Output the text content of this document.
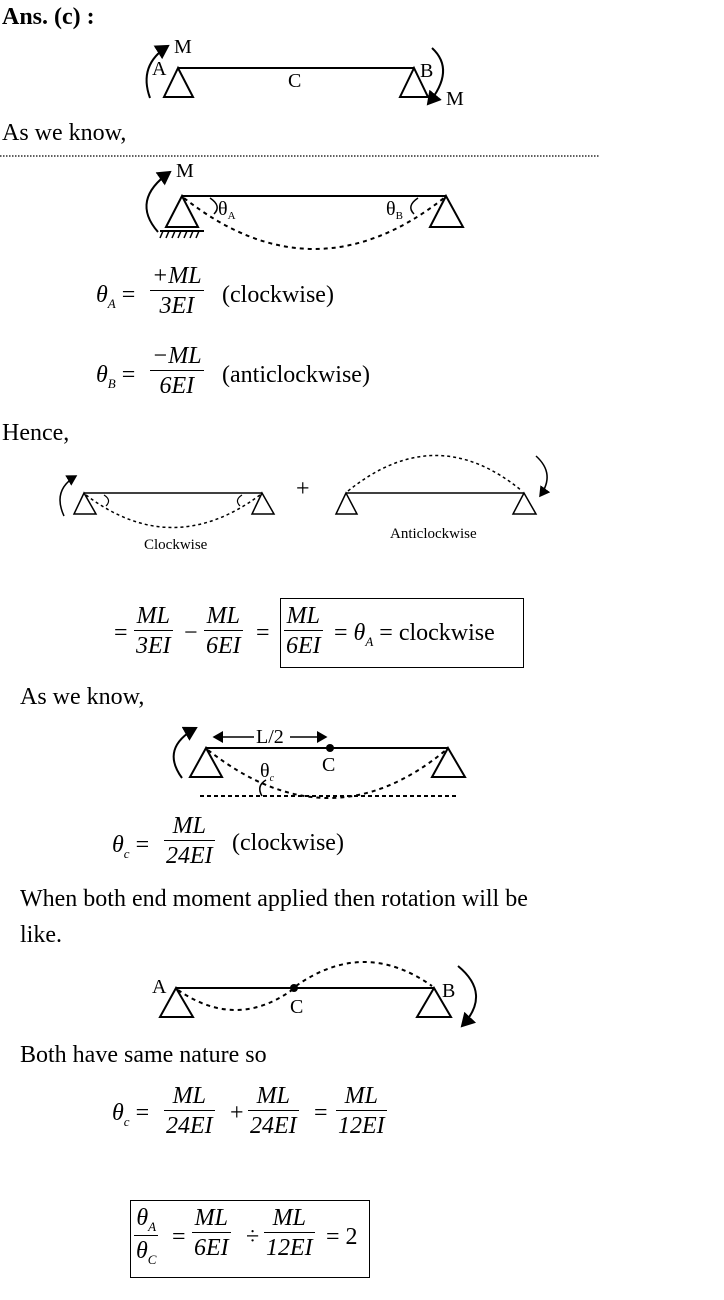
Ans. (c) :
M
A
C	B
M
As we know,
M
$\theta_A$	$\theta_B$
$\theta_A = \frac{+ML}{3EI}$ (clockwise)
$\theta_B = \frac{-ML}{6EI}$ (anticlockwise)
Hence,
Clockwise
+
Anticlockwise
= $\frac{ML}{3EI} - \frac{ML}{6EI} = \frac{ML}{6EI} = \theta_A$ = clockwise
As we know,
L/2
C
$\theta_c$
$\theta_c = \frac{ML}{24EI}$ (clockwise)
When both end moment applied then rotation will be
like.
A
C
B
Both have same nature so
$\theta_c = \frac{ML}{24EI} + \frac{ML}{24EI} = \frac{ML}{12EI}$
$\frac{\theta_A}{\theta_C} = \frac{ML}{6EI} \div \frac{ML}{12EI} = 2$
